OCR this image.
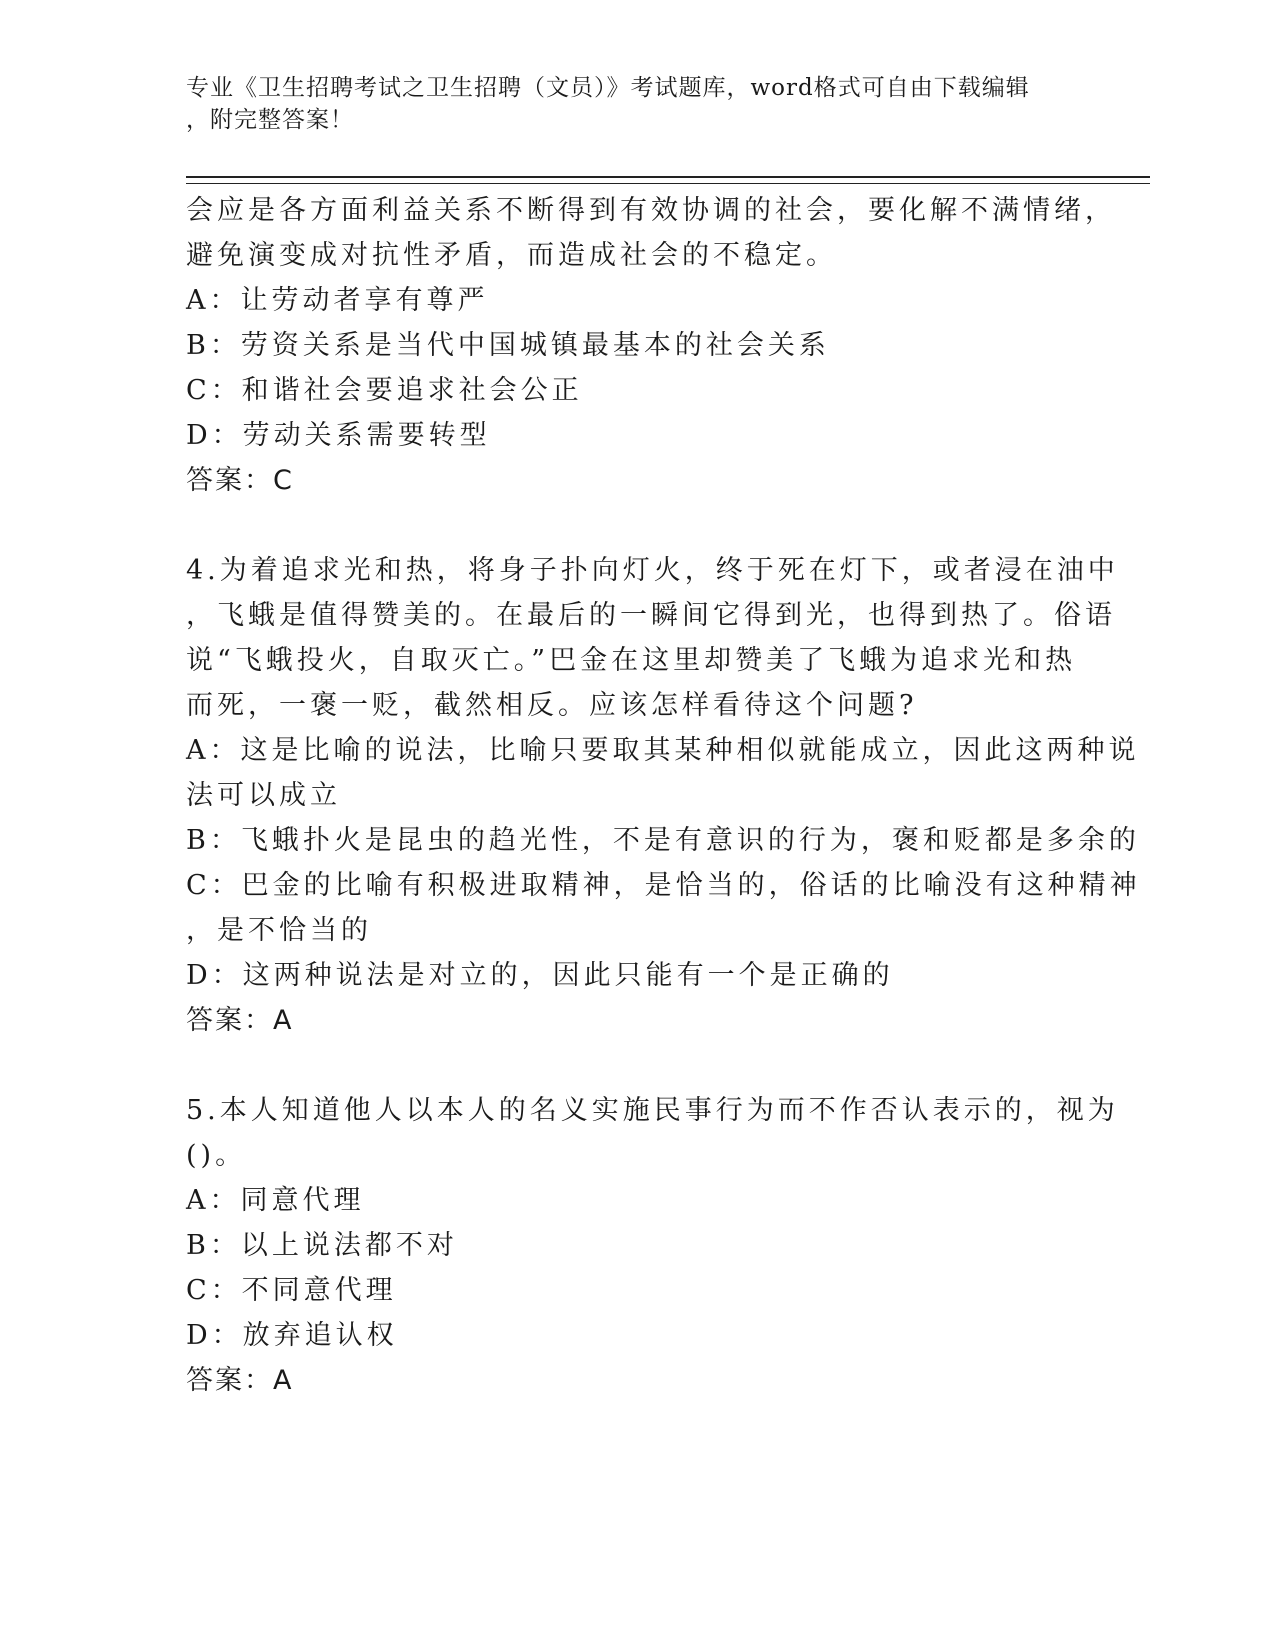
专业《卫生招聘考试之卫生招聘（文员）》考试题库，word格式可自由下载编辑
，附完整答案！
会应是各方面利益关系不断得到有效协调的社会，要化解不满情绪，
避免演变成对抗性矛盾，而造成社会的不稳定。
A：让劳动者享有尊严
B：劳资关系是当代中国城镇最基本的社会关系
C：和谐社会要追求社会公正
D：劳动关系需要转型
答案：C
4.为着追求光和热，将身子扑向灯火，终于死在灯下，或者浸在油中
，飞蛾是值得赞美的。在最后的一瞬间它得到光，也得到热了。俗语
说“飞蛾投火，自取灭亡。”巴金在这里却赞美了飞蛾为追求光和热
而死，一褒一贬，截然相反。应该怎样看待这个问题?
A：这是比喻的说法，比喻只要取其某种相似就能成立，因此这两种说
法可以成立
B：飞蛾扑火是昆虫的趋光性，不是有意识的行为，褒和贬都是多余的
C：巴金的比喻有积极进取精神，是恰当的，俗话的比喻没有这种精神
，是不恰当的
D：这两种说法是对立的，因此只能有一个是正确的
答案：A
5.本人知道他人以本人的名义实施民事行为而不作否认表示的，视为
()。
A：同意代理
B：以上说法都不对
C：不同意代理
D：放弃追认权
答案：A
